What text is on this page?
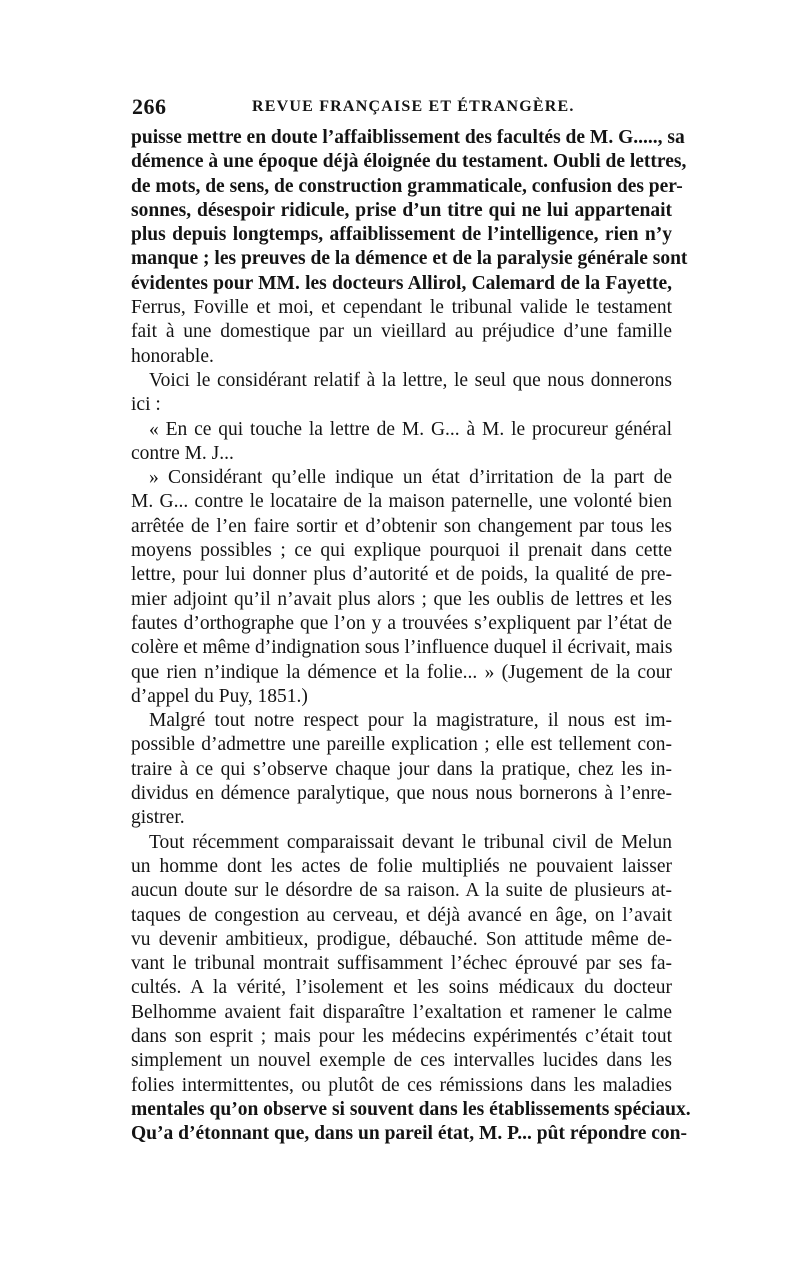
266	REVUE FRANÇAISE ET ÉTRANGÈRE.
puisse mettre en doute l’affaiblissement des facultés de M. G....., sa
démence à une époque déjà éloignée du testament. Oubli de lettres,
de mots, de sens, de construction grammaticale, confusion des per-
sonnes, désespoir ridicule, prise d’un titre qui ne lui appartenait
plus depuis longtemps, affaiblissement de l’intelligence, rien n’y
manque ; les preuves de la démence et de la paralysie générale sont
évidentes pour MM. les docteurs Allirol, Calemard de la Fayette,
Ferrus, Foville et moi, et cependant le tribunal valide le testament
fait à une domestique par un vieillard au préjudice d’une famille
honorable.
Voici le considérant relatif à la lettre, le seul que nous donnerons
ici :
« En ce qui touche la lettre de M. G... à M. le procureur général
contre M. J...
» Considérant qu’elle indique un état d’irritation de la part de
M. G... contre le locataire de la maison paternelle, une volonté bien
arrêtée de l’en faire sortir et d’obtenir son changement par tous les
moyens possibles ; ce qui explique pourquoi il prenait dans cette
lettre, pour lui donner plus d’autorité et de poids, la qualité de pre-
mier adjoint qu’il n’avait plus alors ; que les oublis de lettres et les
fautes d’orthographe que l’on y a trouvées s’expliquent par l’état de
colère et même d’indignation sous l’influence duquel il écrivait, mais
que rien n’indique la démence et la folie... » (Jugement de la cour
d’appel du Puy, 1851.)
Malgré tout notre respect pour la magistrature, il nous est im-
possible d’admettre une pareille explication ; elle est tellement con-
traire à ce qui s’observe chaque jour dans la pratique, chez les in-
dividus en démence paralytique, que nous nous bornerons à l’enre-
gistrer.
Tout récemment comparaissait devant le tribunal civil de Melun
un homme dont les actes de folie multipliés ne pouvaient laisser
aucun doute sur le désordre de sa raison. A la suite de plusieurs at-
taques de congestion au cerveau, et déjà avancé en âge, on l’avait
vu devenir ambitieux, prodigue, débauché. Son attitude même de-
vant le tribunal montrait suffisamment l’échec éprouvé par ses fa-
cultés. A la vérité, l’isolement et les soins médicaux du docteur
Belhomme avaient fait disparaître l’exaltation et ramener le calme
dans son esprit ; mais pour les médecins expérimentés c’était tout
simplement un nouvel exemple de ces intervalles lucides dans les
folies intermittentes, ou plutôt de ces rémissions dans les maladies
mentales qu’on observe si souvent dans les établissements spéciaux.
Qu’a d’étonnant que, dans un pareil état, M. P... pût répondre con-
